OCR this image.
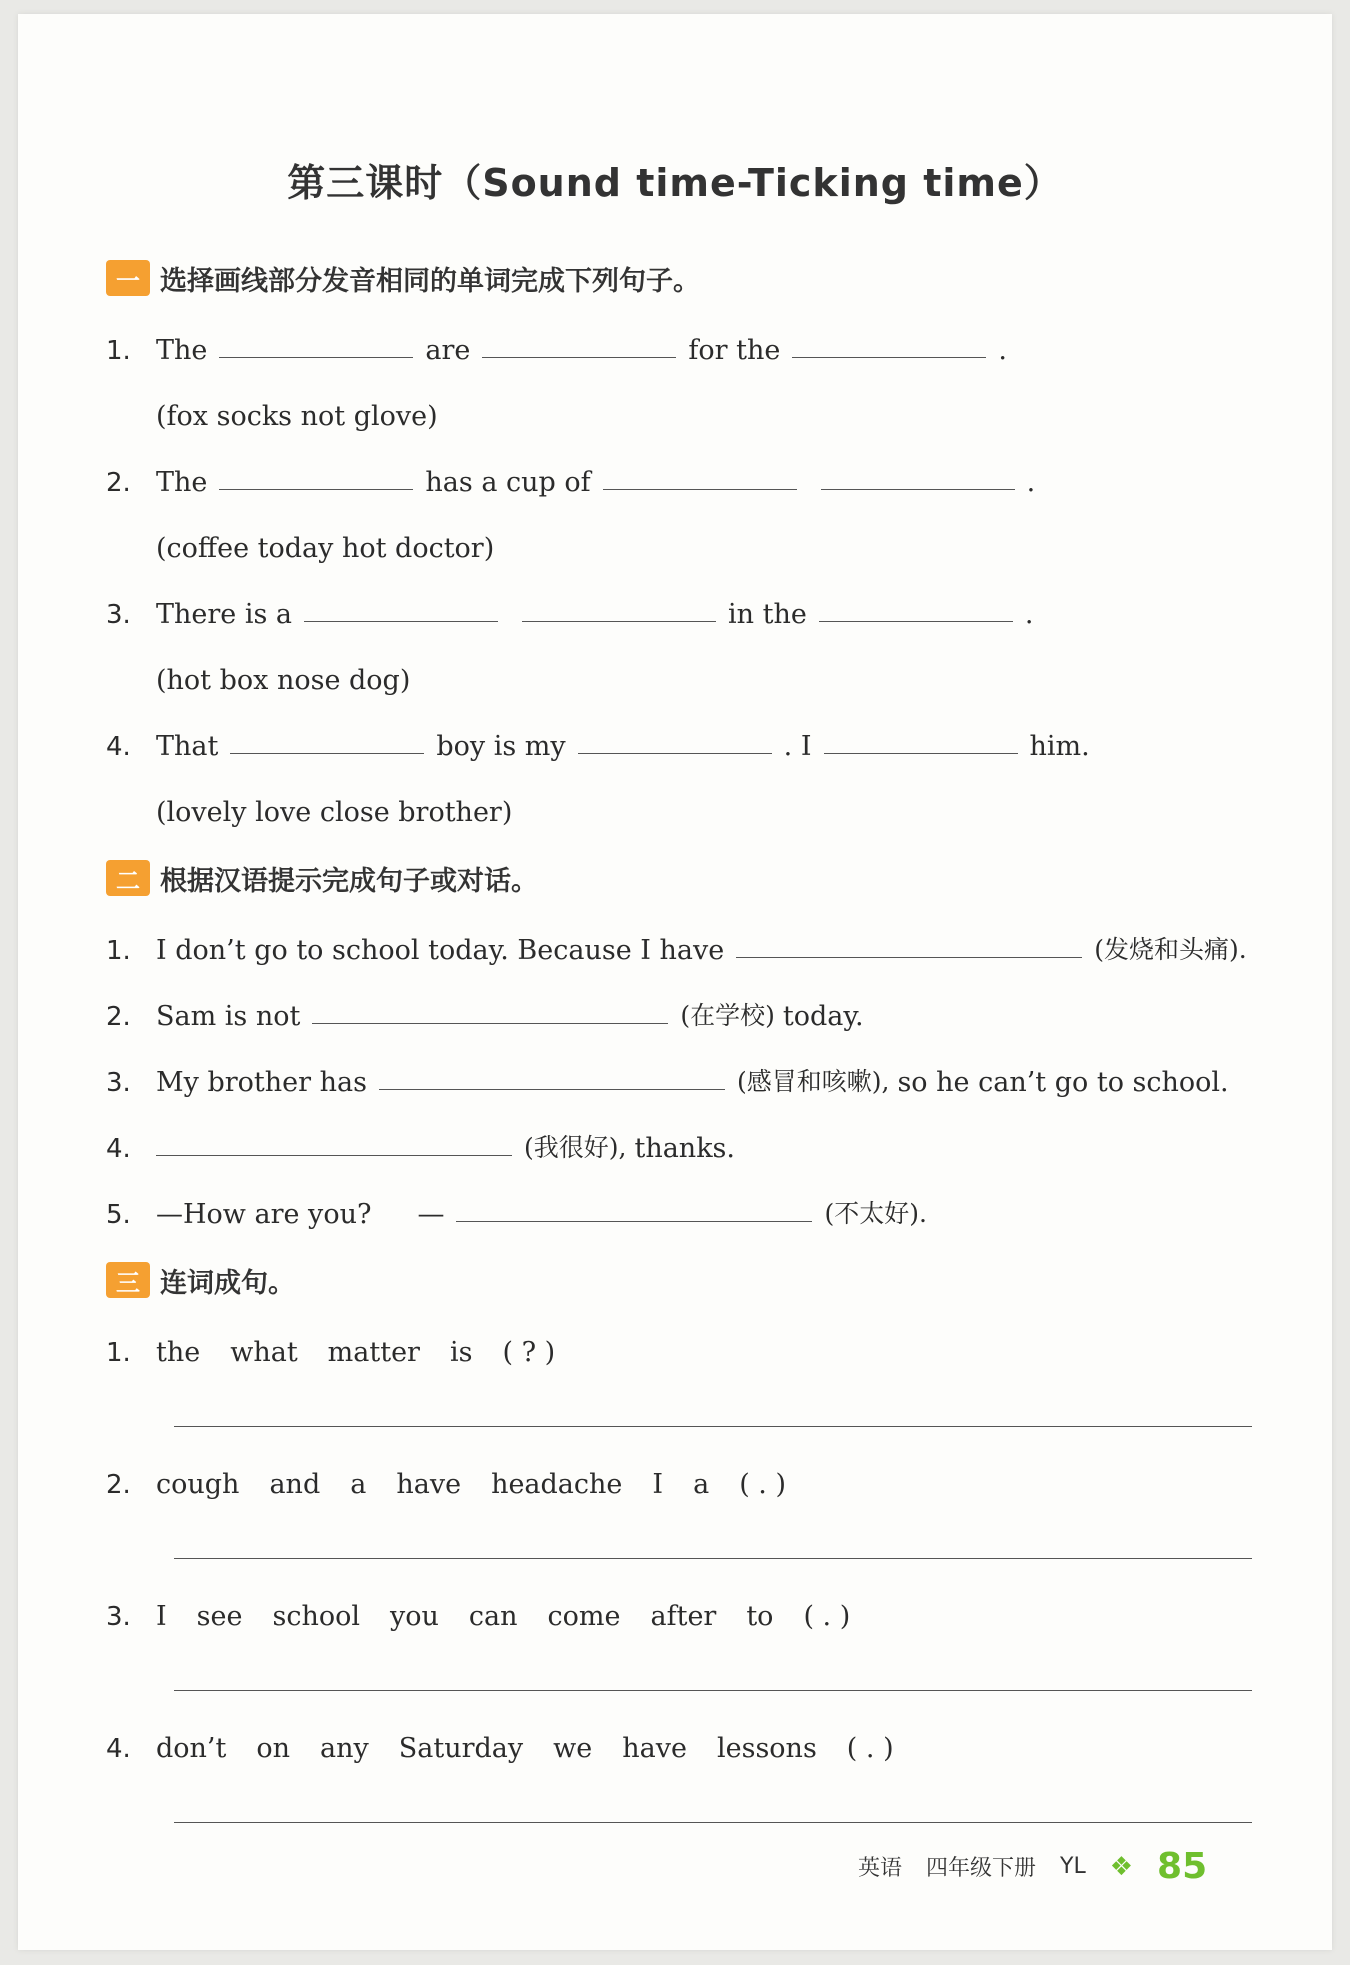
第三课时（Sound time-Ticking time）
一 选择画线部分发音相同的单词完成下列句子。
1. The	are	for the	.
(fox socks not glove)
2. The	has a cup of	.
(coffee today hot doctor)
3. There is a	in the	.
(hot box nose dog)
4. That	boy is my	. I	him.
(lovely love close brother)
二 根据汉语提示完成句子或对话。
1. I don’t go to school today. Because I have	(发烧和头痛).
2. Sam is not	(在学校) today.
3. My brother has	(感冒和咳嗽), so he can’t go to school.
4.	(我很好), thanks.
5. —How are you? —	(不太好).
三 连词成句。
1. the what matter is ( ? )
2. cough and a have headache I a ( . )
3. I see school you can come after to ( . )
4. don’t on any Saturday we have lessons ( . )
英语 四年级下册 YL ❖ 85
